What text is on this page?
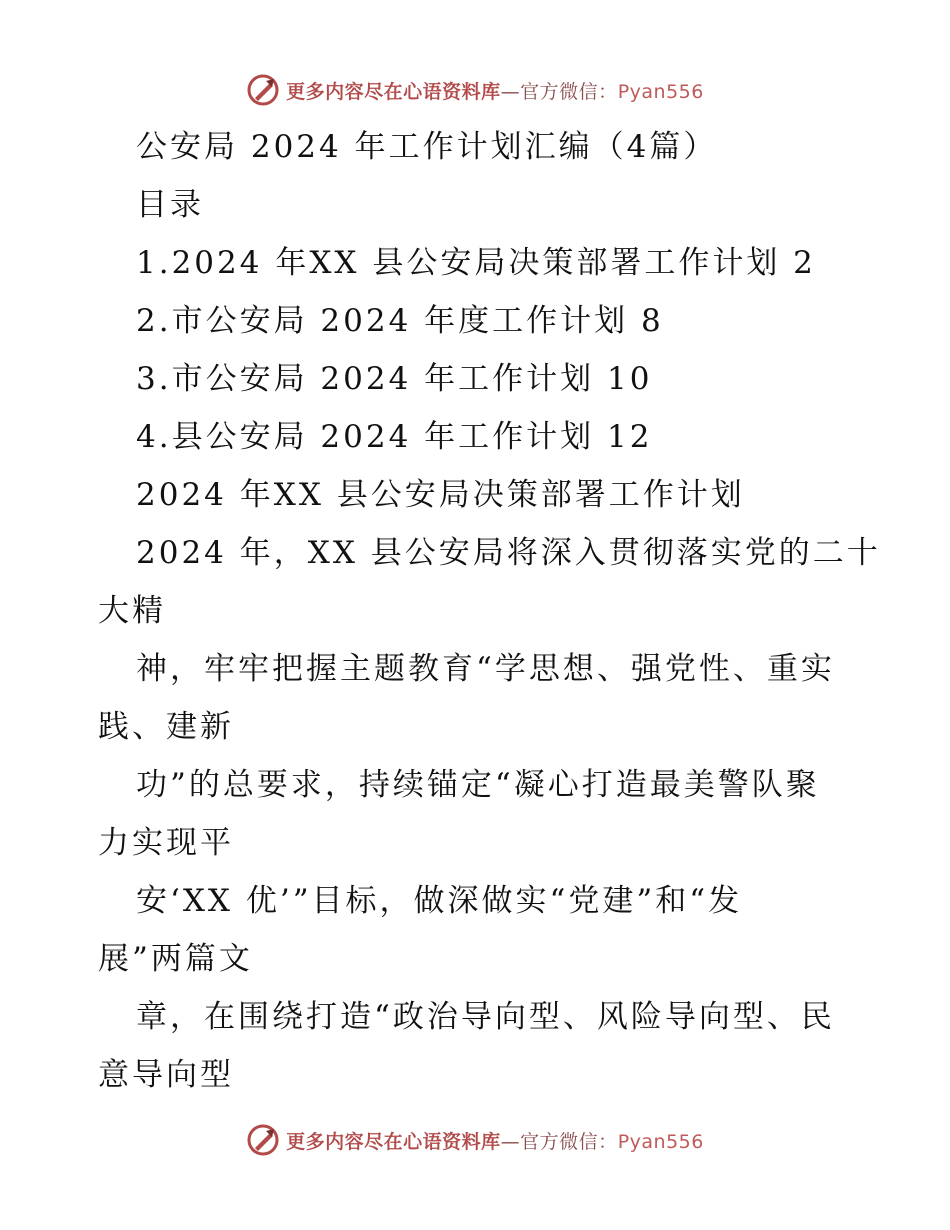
更多内容尽在心语资料库—官方微信：Pyan556
公安局 2024 年工作计划汇编（4篇）
目录
1.2024 年XX 县公安局决策部署工作计划 2
2.市公安局 2024 年度工作计划 8
3.市公安局 2024 年工作计划 10
4.县公安局 2024 年工作计划 12
2024 年XX 县公安局决策部署工作计划
2024 年，XX 县公安局将深入贯彻落实党的二十
大精
神，牢牢把握主题教育“学思想、强党性、重实
践、建新
功”的总要求，持续锚定“凝心打造最美警队聚
力实现平
安‘XX 优’”目标，做深做实“党建”和“发
展”两篇文
章，在围绕打造“政治导向型、风险导向型、民
意导向型
更多内容尽在心语资料库—官方微信：Pyan556
